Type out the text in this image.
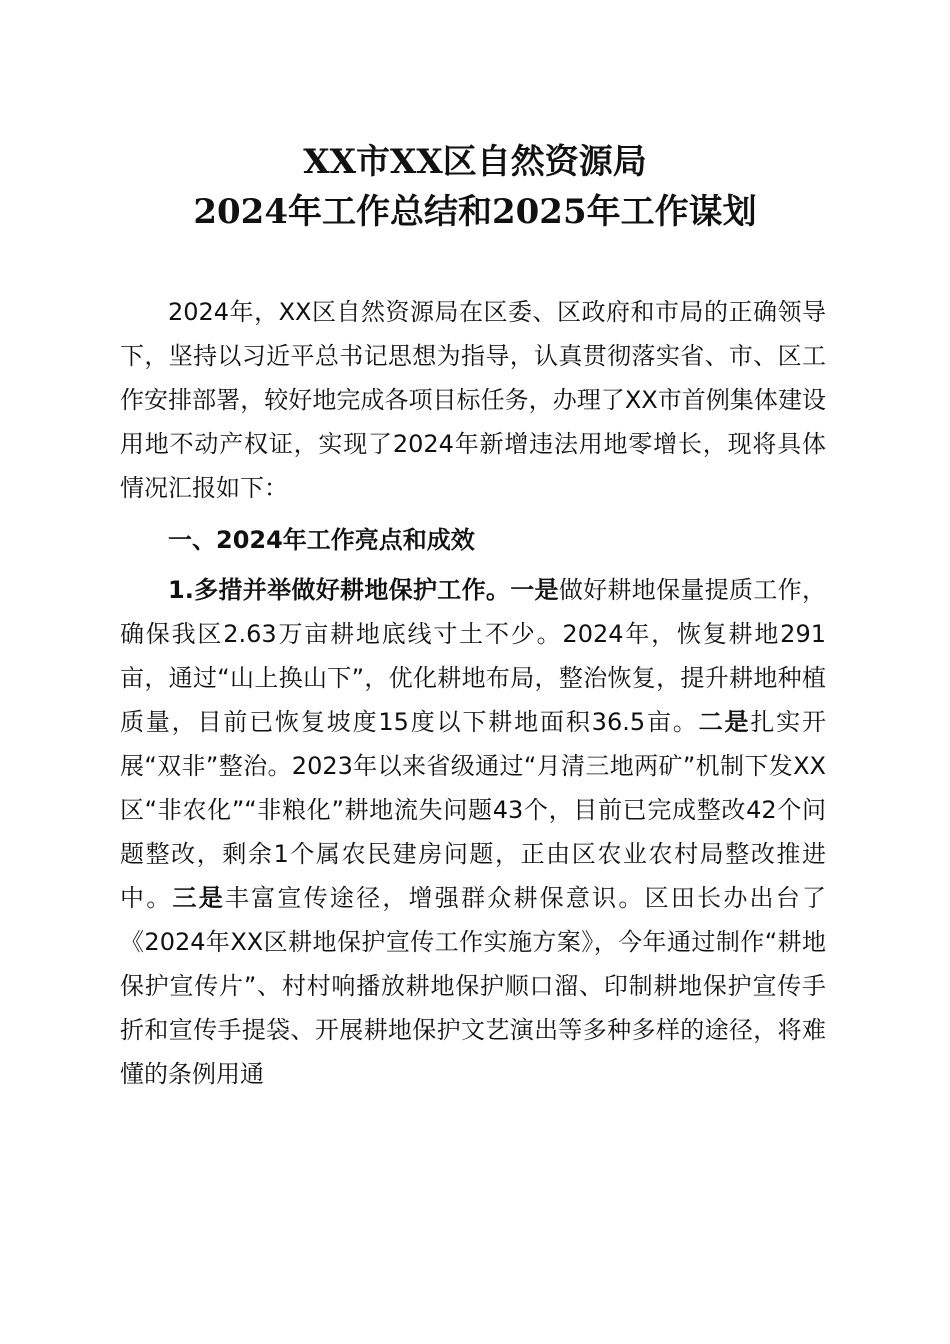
XX市XX区自然资源局
2024年工作总结和2025年工作谋划

2024年，XX区自然资源局在区委、区政府和市局的正确领导下，坚持以习近平总书记思想为指导，认真贯彻落实省、市、区工作安排部署，较好地完成各项目标任务，办理了XX市首例集体建设用地不动产权证，实现了2024年新增违法用地零增长，现将具体情况汇报如下：

一、2024年工作亮点和成效

1.多措并举做好耕地保护工作。一是做好耕地保量提质工作，确保我区2.63万亩耕地底线寸土不少。2024年，恢复耕地291亩，通过“山上换山下”，优化耕地布局，整治恢复，提升耕地种植质量，目前已恢复坡度15度以下耕地面积36.5亩。二是扎实开展“双非”整治。2023年以来省级通过“月清三地两矿”机制下发XX区“非农化”“非粮化”耕地流失问题43个，目前已完成整改42个问题整改，剩余1个属农民建房问题，正由区农业农村局整改推进中。三是丰富宣传途径，增强群众耕保意识。区田长办出台了《2024年XX区耕地保护宣传工作实施方案》，今年通过制作“耕地保护宣传片”、村村响播放耕地保护顺口溜、印制耕地保护宣传手折和宣传手提袋、开展耕地保护文艺演出等多种多样的途径，将难懂的条例用通
